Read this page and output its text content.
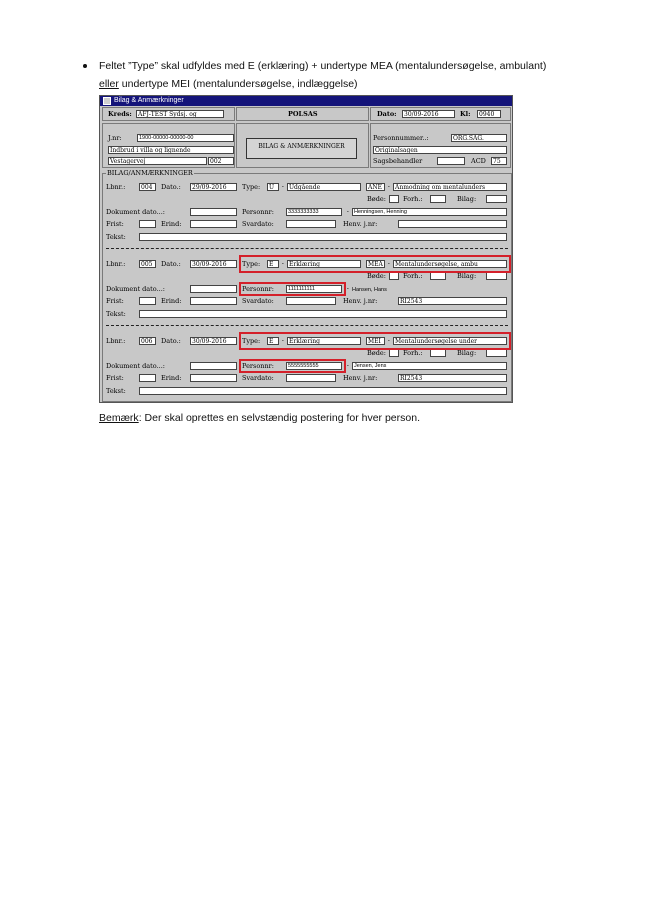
Feltet ”Type” skal udfyldes med E (erklæring) + undertype MEA (mentalundersøgelse, ambulant)
eller undertype MEI (mentalundersøgelse, indlæggelse)
Bilag & Anmærkninger
Kreds:	AFJ-TEST Sydsj. og	POLSAS	Dato:	30/09-2016	Kl:	0940
J.nr:	1900-00000-00000-00
Indbrud i villa og lignende
Vestagervej	002
BILAG & ANMÆRKNINGER
Personnummer..:	ORG.SAG.
Originalsagen
Sagsbehandler	ACD	75
BILAG/ANMÆRKNINGER
Lbnr.:	004	Dato.:	29/09-2016	Type:	U	- Udgående	ANE - Anmodning om mentalunders
Bøde:	Forh.:	Bilag:
Dokument dato...:	Personnr:	3333333333	- Henningsen, Henning
Frist:	Erind:	Svardato:	Henv. j.nr:
Tekst:
Lbnr.:	005	Dato.:	30/09-2016	Type:	E	- Erklæring	MEA - Mentalundersøgelse, ambu
Bøde:	Forh.:	Bilag:
Dokument dato...:	Personnr:	1111111111	- Hansen, Hans
Frist:	Erind:	Svardato:	Henv. j.nr:	RI2543
Tekst:
Lbnr.:	006	Dato.:	30/09-2016	Type:	E	- Erklæring	MEI	- Mentalundersøgelse under
Bøde:	Forh.:	Bilag:
Dokument dato...:	Personnr:	5555555555	- Jensen, Jens
Frist:	Erind:	Svardato:	Henv. j.nr:	RI2543
Tekst:
Bemærk: Der skal oprettes en selvstændig postering for hver person.
